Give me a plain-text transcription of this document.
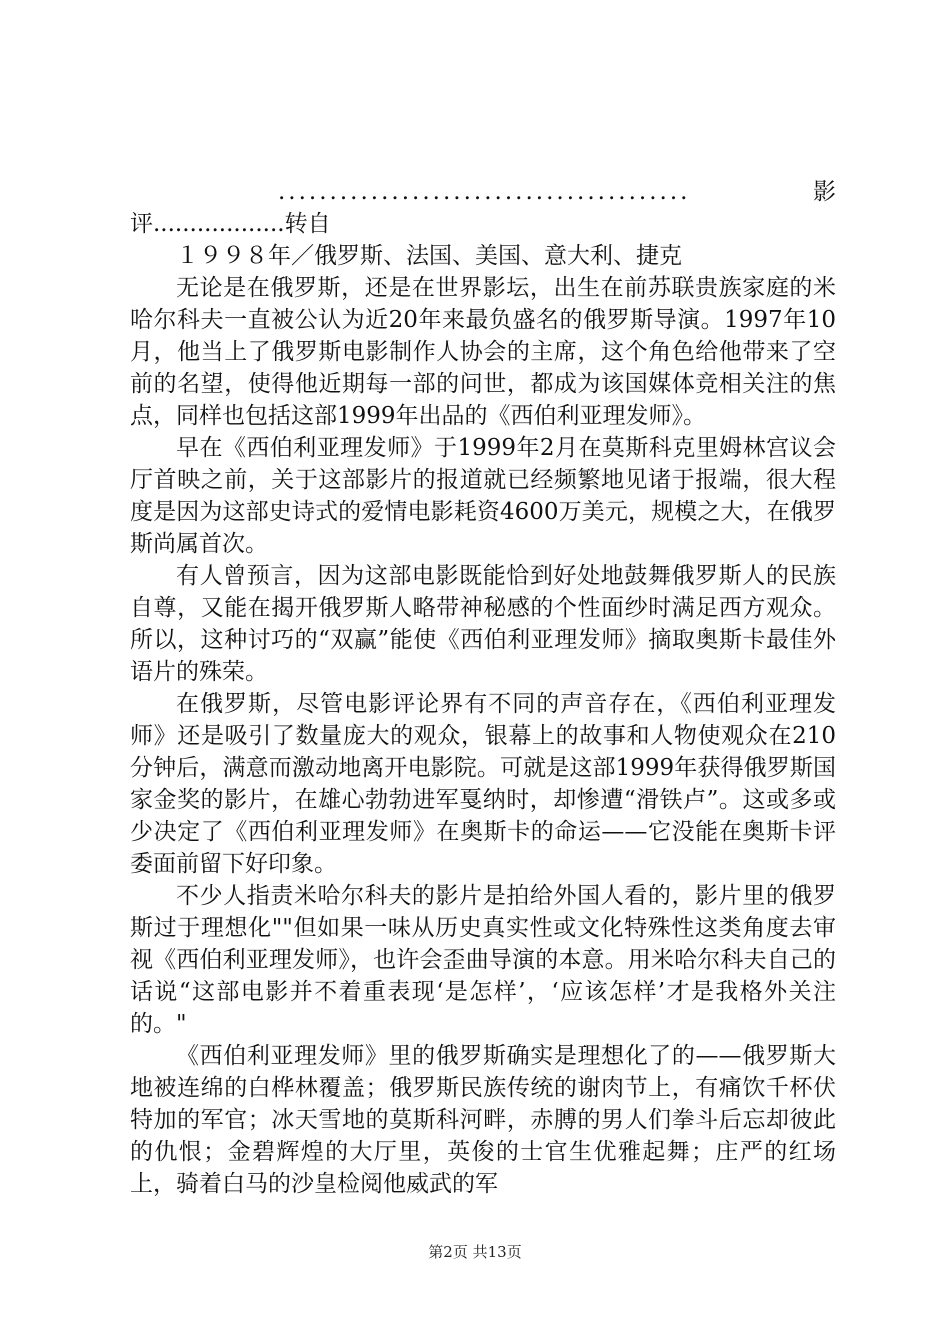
........................................	影

评..................转自

１９９８年／俄罗斯、法国、美国、意大利、捷克

无论是在俄罗斯，还是在世界影坛，出生在前苏联贵族家庭的米哈尔科夫一直被公认为近20年来最负盛名的俄罗斯导演。1997年10月，他当上了俄罗斯电影制作人协会的主席，这个角色给他带来了空前的名望，使得他近期每一部的问世，都成为该国媒体竞相关注的焦点，同样也包括这部1999年出品的《西伯利亚理发师》。

早在《西伯利亚理发师》于1999年2月在莫斯科克里姆林宫议会厅首映之前，关于这部影片的报道就已经频繁地见诸于报端，很大程度是因为这部史诗式的爱情电影耗资4600万美元，规模之大，在俄罗斯尚属首次。

有人曾预言，因为这部电影既能恰到好处地鼓舞俄罗斯人的民族自尊，又能在揭开俄罗斯人略带神秘感的个性面纱时满足西方观众。所以，这种讨巧的“双赢”能使《西伯利亚理发师》摘取奥斯卡最佳外语片的殊荣。

在俄罗斯，尽管电影评论界有不同的声音存在，《西伯利亚理发师》还是吸引了数量庞大的观众，银幕上的故事和人物使观众在210分钟后，满意而激动地离开电影院。可就是这部1999年获得俄罗斯国家金奖的影片，在雄心勃勃进军戛纳时，却惨遭“滑铁卢”。这或多或少决定了《西伯利亚理发师》在奥斯卡的命运——它没能在奥斯卡评委面前留下好印象。

不少人指责米哈尔科夫的影片是拍给外国人看的，影片里的俄罗斯过于理想化""但如果一味从历史真实性或文化特殊性这类角度去审视《西伯利亚理发师》，也许会歪曲导演的本意。用米哈尔科夫自己的话说“这部电影并不着重表现‘是怎样’，‘应该怎样’才是我格外关注的。"

《西伯利亚理发师》里的俄罗斯确实是理想化了的——俄罗斯大地被连绵的白桦林覆盖；俄罗斯民族传统的谢肉节上，有痛饮千杯伏特加的军官；冰天雪地的莫斯科河畔，赤膊的男人们拳斗后忘却彼此的仇恨；金碧辉煌的大厅里，英俊的士官生优雅起舞；庄严的红场上，骑着白马的沙皇检阅他威武的军

第2页 共13页
